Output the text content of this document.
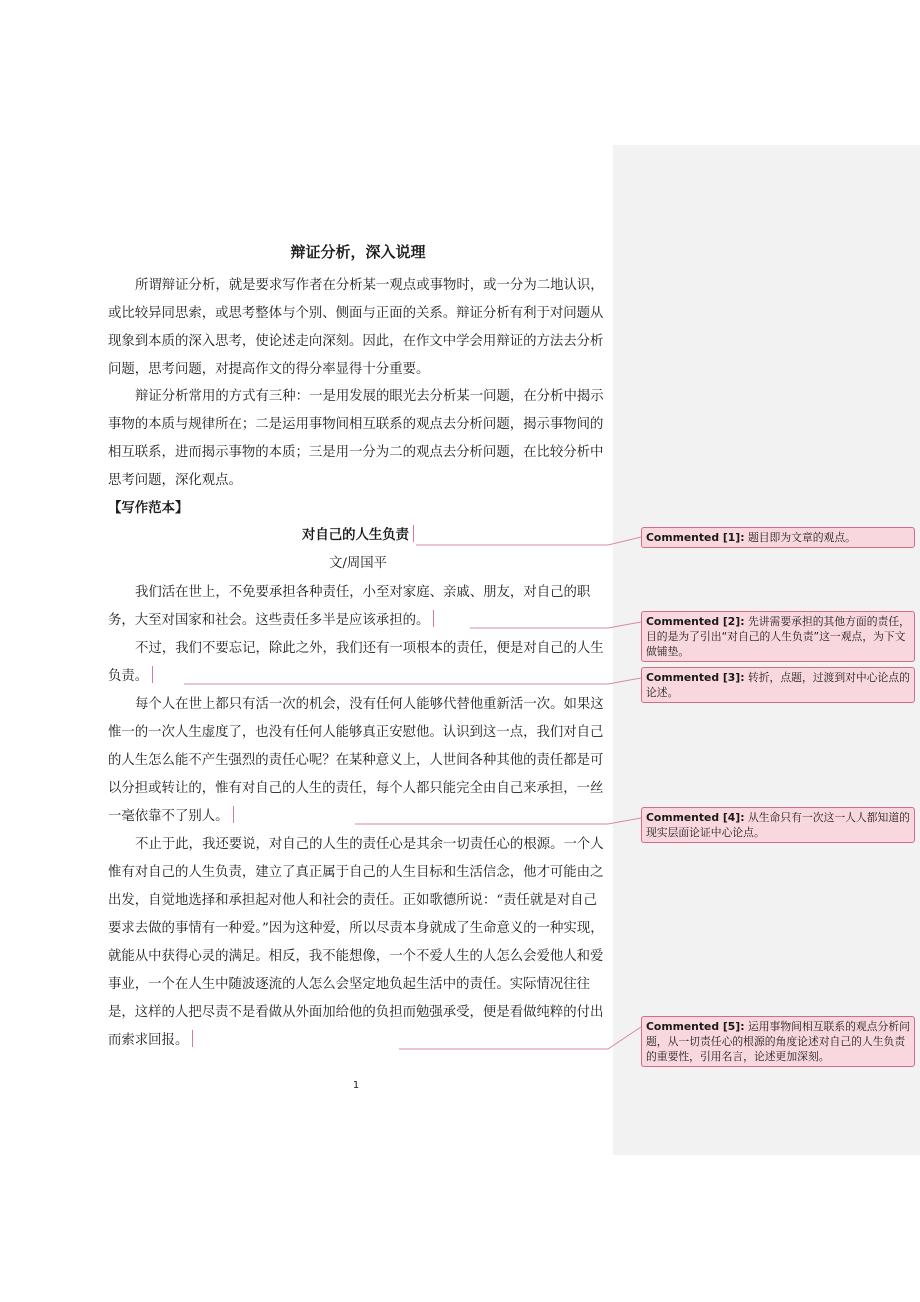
辩证分析，深入说理

所谓辩证分析，就是要求写作者在分析某一观点或事物时，或一分为二地认识，或比较异同思索，或思考整体与个别、侧面与正面的关系。辩证分析有利于对问题从现象到本质的深入思考，使论述走向深刻。因此，在作文中学会用辩证的方法去分析问题，思考问题，对提高作文的得分率显得十分重要。

辩证分析常用的方式有三种：一是用发展的眼光去分析某一问题，在分析中揭示事物的本质与规律所在；二是运用事物间相互联系的观点去分析问题，揭示事物间的相互联系，进而揭示事物的本质；三是用一分为二的观点去分析问题，在比较分析中思考问题，深化观点。

【写作范本】
对自己的人生负责
文/周国平

我们活在世上，不免要承担各种责任，小至对家庭、亲戚、朋友，对自己的职务，大至对国家和社会。这些责任多半是应该承担的。

不过，我们不要忘记，除此之外，我们还有一项根本的责任，便是对自己的人生负责。

每个人在世上都只有活一次的机会，没有任何人能够代替他重新活一次。如果这惟一的一次人生虚度了，也没有任何人能够真正安慰他。认识到这一点，我们对自己的人生怎么能不产生强烈的责任心呢？在某种意义上，人世间各种其他的责任都是可以分担或转让的，惟有对自己的人生的责任，每个人都只能完全由自己来承担，一丝一毫依靠不了别人。

不止于此，我还要说，对自己的人生的责任心是其余一切责任心的根源。一个人惟有对自己的人生负责，建立了真正属于自己的人生目标和生活信念，他才可能由之出发，自觉地选择和承担起对他人和社会的责任。正如歌德所说：“责任就是对自己要求去做的事情有一种爱。”因为这种爱，所以尽责本身就成了生命意义的一种实现，就能从中获得心灵的满足。相反，我不能想像，一个不爱人生的人怎么会爱他人和爱事业，一个在人生中随波逐流的人怎么会坚定地负起生活中的责任。实际情况往往是，这样的人把尽责不是看做从外面加给他的负担而勉强承受，便是看做纯粹的付出而索求回报。

1
Commented [1]: 题目即为文章的观点。
Commented [2]: 先讲需要承担的其他方面的责任，目的是为了引出“对自己的人生负责”这一观点，为下文做铺垫。
Commented [3]: 转折，点题，过渡到对中心论点的论述。
Commented [4]: 从生命只有一次这一人人都知道的现实层面论证中心论点。
Commented [5]: 运用事物间相互联系的观点分析问题，从一切责任心的根源的角度论述对自己的人生负责的重要性，引用名言，论述更加深刻。
